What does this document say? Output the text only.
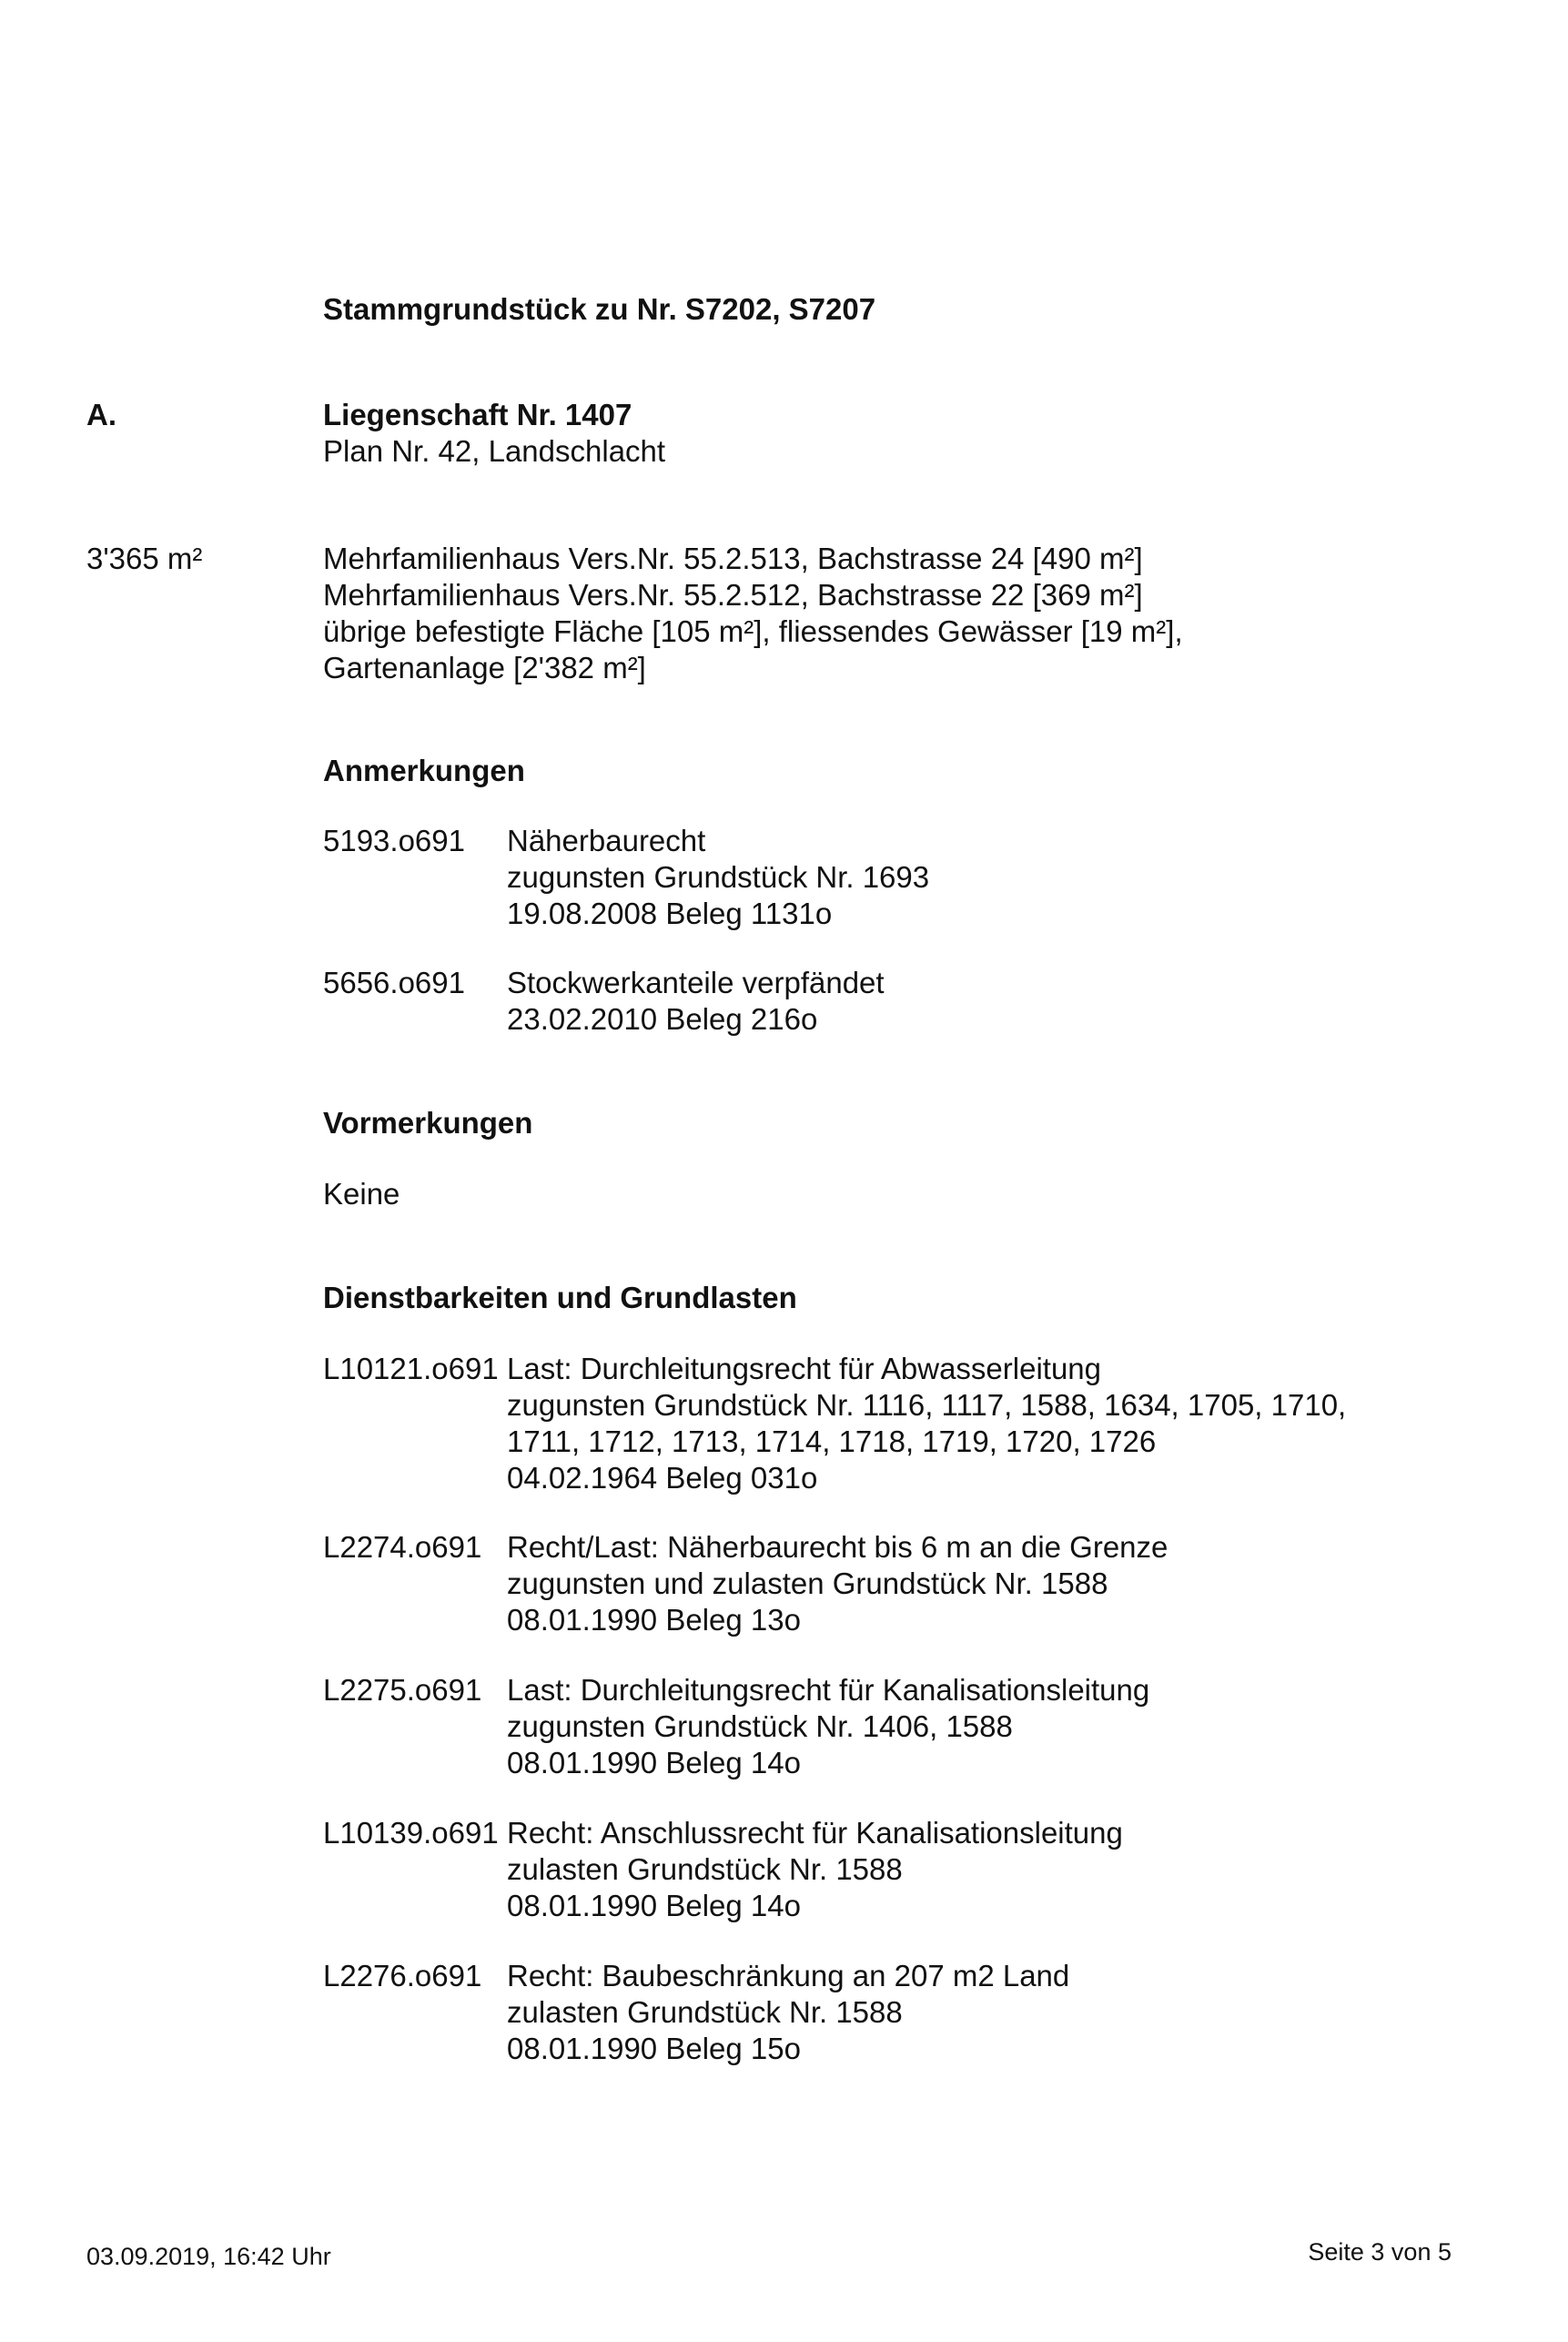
Stammgrundstück zu Nr. S7202, S7207
A.	Liegenschaft Nr. 1407
Plan Nr. 42, Landschlacht
3'365 m²	Mehrfamilienhaus Vers.Nr. 55.2.513, Bachstrasse 24 [490 m²]
Mehrfamilienhaus Vers.Nr. 55.2.512, Bachstrasse 22 [369 m²]
übrige befestigte Fläche [105 m²], fliessendes Gewässer [19 m²],
Gartenanlage [2'382 m²]
Anmerkungen
5193.o691 Näherbaurecht
zugunsten Grundstück Nr. 1693
19.08.2008 Beleg 1131o
5656.o691 Stockwerkanteile verpfändet
23.02.2010 Beleg 216o
Vormerkungen
Keine
Dienstbarkeiten und Grundlasten
L10121.o691 Last: Durchleitungsrecht für Abwasserleitung
zugunsten Grundstück Nr. 1116, 1117, 1588, 1634, 1705, 1710,
1711, 1712, 1713, 1714, 1718, 1719, 1720, 1726
04.02.1964 Beleg 031o
L2274.o691 Recht/Last: Näherbaurecht bis 6 m an die Grenze
zugunsten und zulasten Grundstück Nr. 1588
08.01.1990 Beleg 13o
L2275.o691 Last: Durchleitungsrecht für Kanalisationsleitung
zugunsten Grundstück Nr. 1406, 1588
08.01.1990 Beleg 14o
L10139.o691 Recht: Anschlussrecht für Kanalisationsleitung
zulasten Grundstück Nr. 1588
08.01.1990 Beleg 14o
L2276.o691 Recht: Baubeschränkung an 207 m2 Land
zulasten Grundstück Nr. 1588
08.01.1990 Beleg 15o
03.09.2019, 16:42 Uhr	Seite 3 von 5
